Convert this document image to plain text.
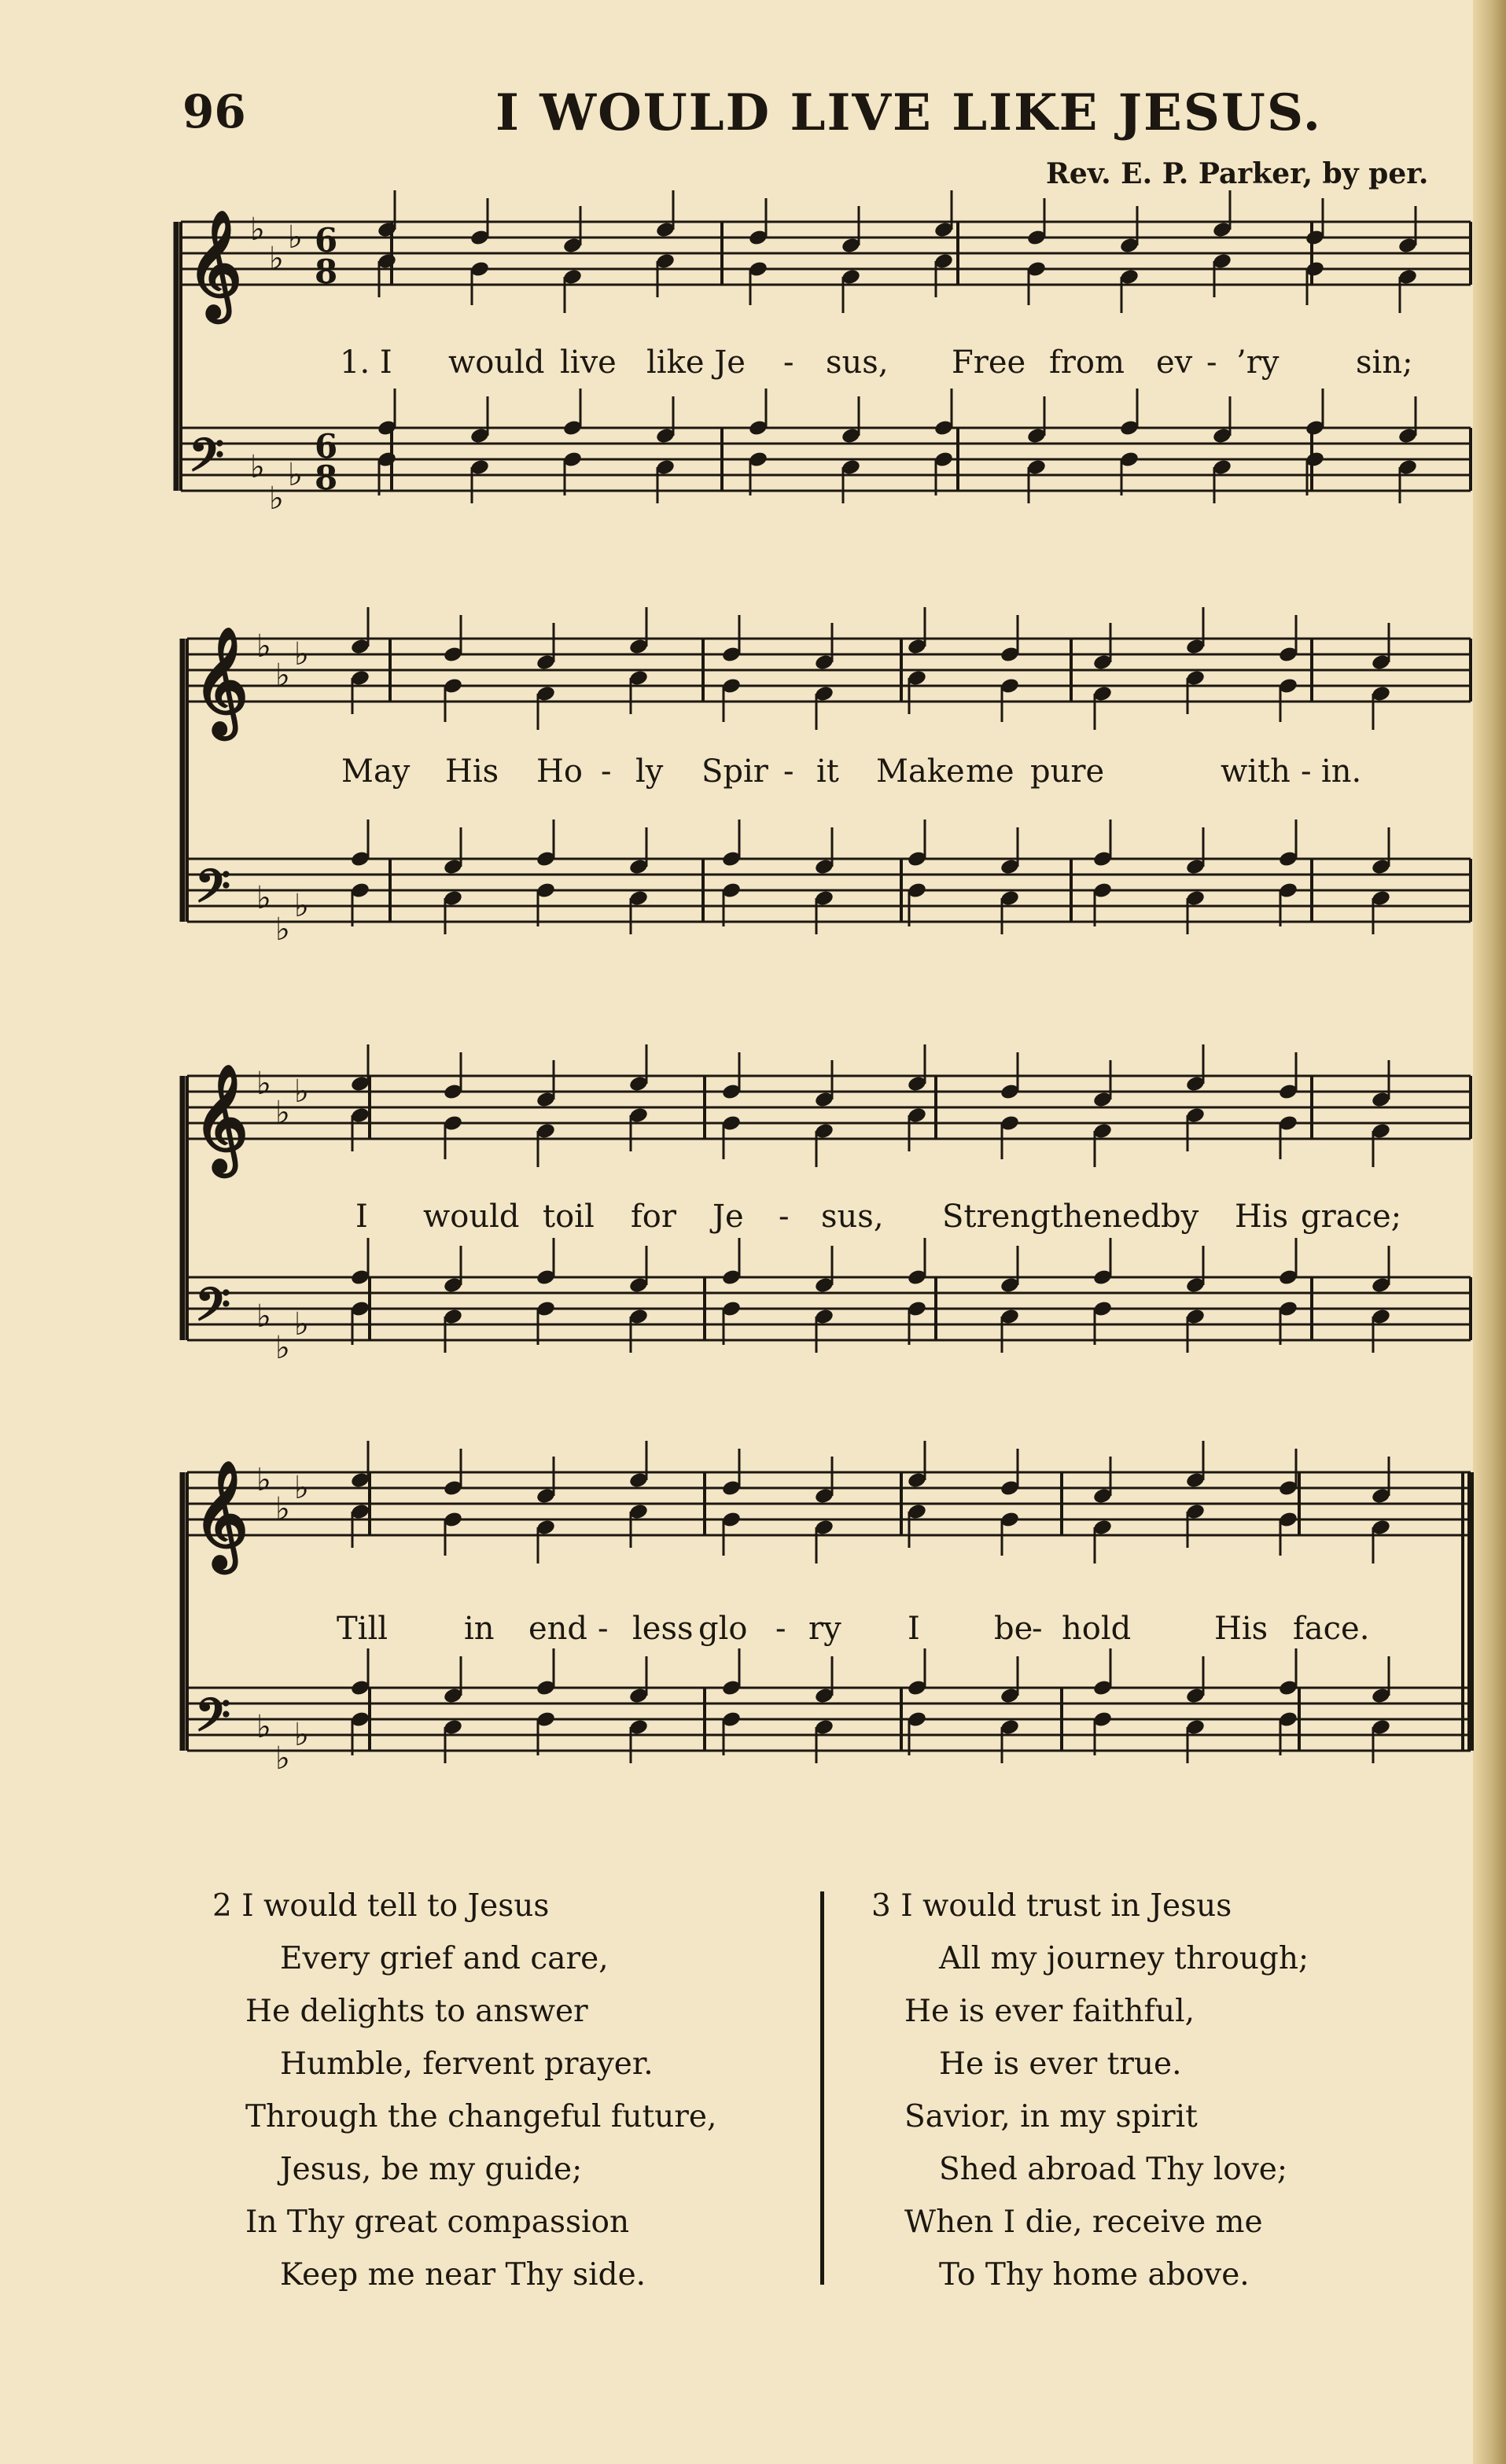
96	I WOULD LIVE LIKE JESUS.
Rev. E. P. Parker, by per.
𝄞 ♭
♭
♭ 6
8
𝄢 ♭
♭
♭
6
8
𝄞 ♭
♭
♭
𝄢 ♭
♭
♭
𝄞 ♭
♭
♭
𝄢 ♭
♭
♭
𝄞 ♭
♭
♭
𝄢 ♭
♭
♭
1. I would live like Je - sus, Free from ev - ’ry sin;
May His Ho - ly Spir - it Make me pure	with - in.
I would toil for Je - sus, Strengthened by His grace;
Till in end - less glo - ry I be
- hold	His face.
2 I would tell to Jesus
Every grief and care,
He delights to answer
Humble, fervent prayer.
Through the changeful future,
Jesus, be my guide;
In Thy great compassion
Keep me near Thy side.
3 I would trust in Jesus
All my journey through;
He is ever faithful,
He is ever true.
Savior, in my spirit
Shed abroad Thy love;
When I die, receive me
To Thy home above.
